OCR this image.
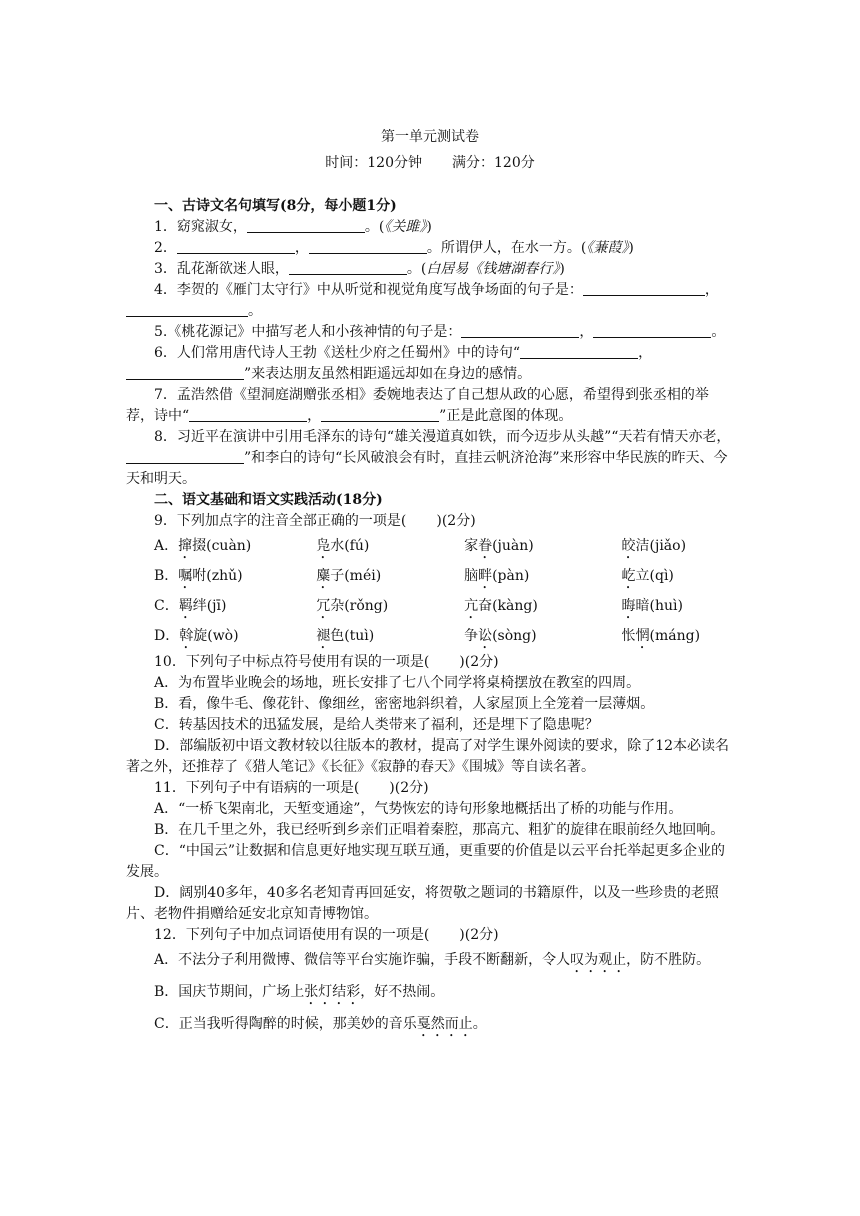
第一单元测试卷
时间：120分钟 满分：120分

一、古诗文名句填写(8分，每小题1分)

1．窈窕淑女，	。(《关雎》)

2．	，	。所谓伊人，在水一方。(《蒹葭》)

3．乱花渐欲迷人眼，	。(白居易《钱塘湖春行》)

4．李贺的《雁门太守行》中从听觉和视觉角度写战争场面的句子是：	，。

5.《桃花源记》中描写老人和小孩神情的句子是：	，	。

6．人们常用唐代诗人王勃《送杜少府之任蜀州》中的诗句“	，”来表达朋友虽然相距遥远却如在身边的感情。

7．孟浩然借《望洞庭湖赠张丞相》委婉地表达了自己想从政的心愿，希望得到张丞相的举荐，诗中“	，	”正是此意图的体现。

8．习近平在演讲中引用毛泽东的诗句“雄关漫道真如铁，而今迈步从头越”“天若有情天亦老，”和李白的诗句“长风破浪会有时，直挂云帆济沧海”来形容中华民族的昨天、今天和明天。

二、语文基础和语文实践活动(18分)

9．下列加点字的注音全部正确的一项是( )(2分)

A．撺掇(cuàn)	凫水(fú)	家眷(juàn)	皎洁(jiǎo)

B．嘱咐(zhǔ)	麋子(méi)	脑畔(pàn)	屹立(qì)

C．羁绊(jī)	冗杂(rǒng)	亢奋(kàng)	晦暗(huì)

D．斡旋(wò)	褪色(tuì)	争讼(sòng)	怅惘(máng)

10．下列句子中标点符号使用有误的一项是( )(2分)

A．为布置毕业晚会的场地，班长安排了七八个同学将桌椅摆放在教室的四周。

B．看，像牛毛、像花针、像细丝，密密地斜织着，人家屋顶上全笼着一层薄烟。

C．转基因技术的迅猛发展，是给人类带来了福利，还是埋下了隐患呢？

D．部编版初中语文教材较以往版本的教材，提高了对学生课外阅读的要求，除了12本必读名著之外，还推荐了《猎人笔记》《长征》《寂静的春天》《围城》等自读名著。

11．下列句子中有语病的一项是( )(2分)

A．“一桥飞架南北，天堑变通途”，气势恢宏的诗句形象地概括出了桥的功能与作用。

B．在几千里之外，我已经听到乡亲们正唱着秦腔，那高亢、粗犷的旋律在眼前经久地回响。

C．“中国云”让数据和信息更好地实现互联互通，更重要的价值是以云平台托举起更多企业的发展。

D．阔别40多年，40多名老知青再回延安，将贺敬之题词的书籍原件，以及一些珍贵的老照片、老物件捐赠给延安北京知青博物馆。

12．下列句子中加点词语使用有误的一项是( )(2分)

A．不法分子利用微博、微信等平台实施诈骗，手段不断翻新，令人叹为观止，防不胜防。

B．国庆节期间，广场上张灯结彩，好不热闹。

C．正当我听得陶醉的时候，那美妙的音乐戛然而止。
